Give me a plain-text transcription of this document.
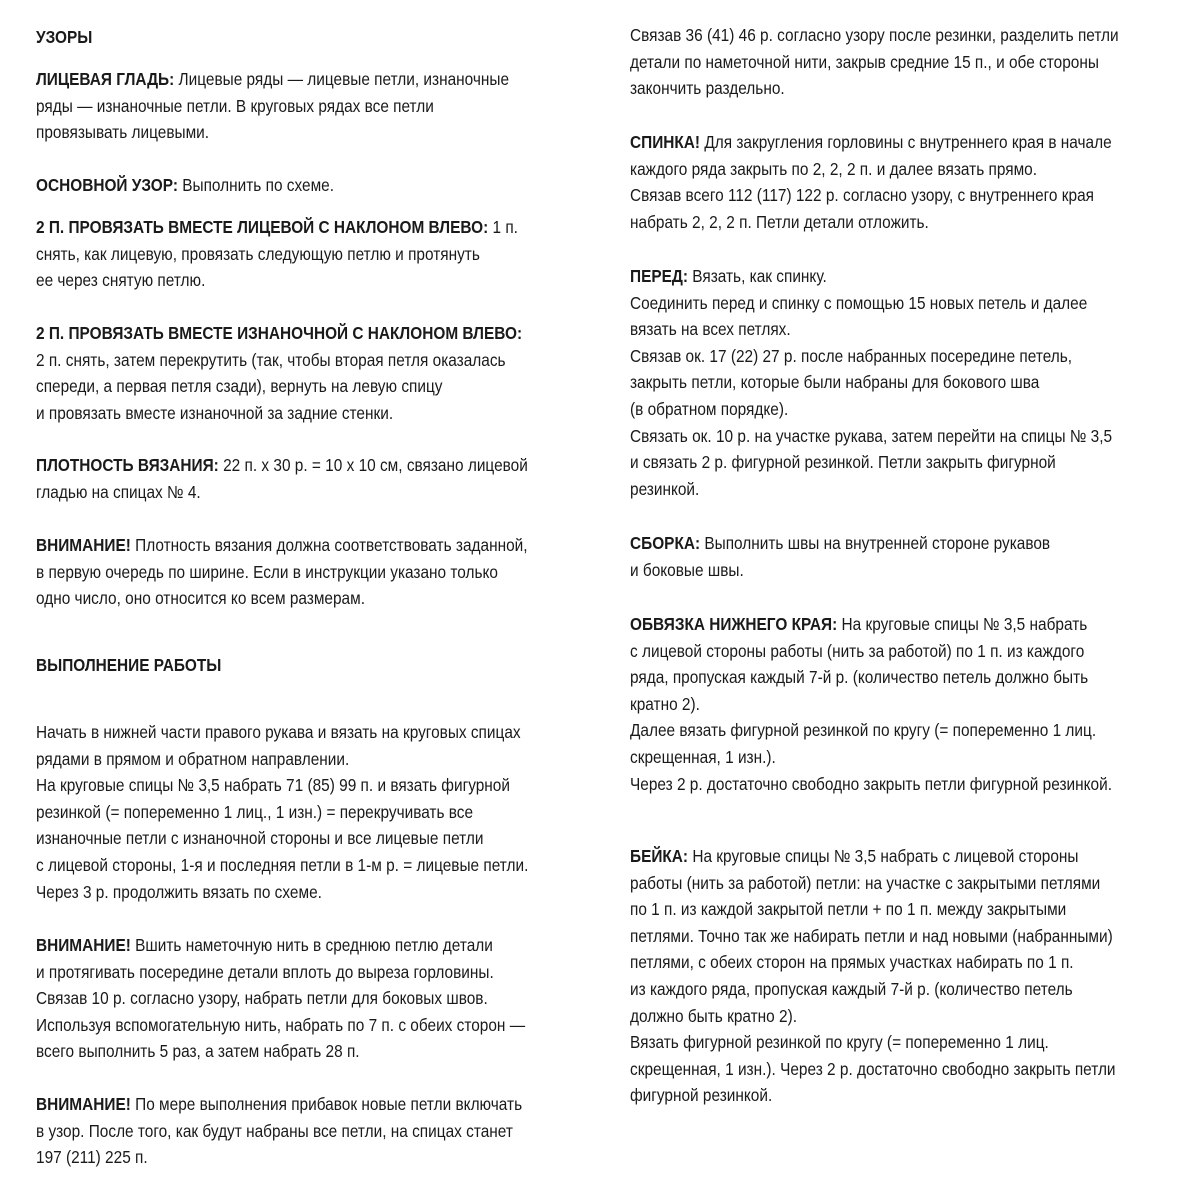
УЗОРЫ

ЛИЦЕВАЯ ГЛАДЬ: Лицевые ряды — лицевые петли, изнаночные
ряды — изнаночные петли. В круговых рядах все петли
провязывать лицевыми.

ОСНОВНОЙ УЗОР: Выполнить по схеме.

2 П. ПРОВЯЗАТЬ ВМЕСТЕ ЛИЦЕВОЙ С НАКЛОНОМ ВЛЕВО: 1 п.
снять, как лицевую, провязать следующую петлю и протянуть
ее через снятую петлю.

2 П. ПРОВЯЗАТЬ ВМЕСТЕ ИЗНАНОЧНОЙ С НАКЛОНОМ ВЛЕВО:
2 п. снять, затем перекрутить (так, чтобы вторая петля оказалась
спереди, а первая петля сзади), вернуть на левую спицу
и провязать вместе изнаночной за задние стенки.

ПЛОТНОСТЬ ВЯЗАНИЯ: 22 п. х 30 р. = 10 х 10 см, связано лицевой
гладью на спицах № 4.

ВНИМАНИЕ! Плотность вязания должна соответствовать заданной,
в первую очередь по ширине. Если в инструкции указано только
одно число, оно относится ко всем размерам.

ВЫПОЛНЕНИЕ РАБОТЫ

Начать в нижней части правого рукава и вязать на круговых спицах
рядами в прямом и обратном направлении.
На круговые спицы № 3,5 набрать 71 (85) 99 п. и вязать фигурной
резинкой (= попеременно 1 лиц., 1 изн.) = перекручивать все
изнаночные петли с изнаночной стороны и все лицевые петли
с лицевой стороны, 1-я и последняя петли в 1-м р. = лицевые петли.
Через 3 р. продолжить вязать по схеме.

ВНИМАНИЕ! Вшить наметочную нить в среднюю петлю детали
и протягивать посередине детали вплоть до выреза горловины.
Связав 10 р. согласно узору, набрать петли для боковых швов.
Используя вспомогательную нить, набрать по 7 п. с обеих сторон —
всего выполнить 5 раз, а затем набрать 28 п.

ВНИМАНИЕ! По мере выполнения прибавок новые петли включать
в узор. После того, как будут набраны все петли, на спицах станет
197 (211) 225 п.

Связав 36 (41) 46 р. согласно узору после резинки, разделить петли
детали по наметочной нити, закрыв средние 15 п., и обе стороны
закончить раздельно.

СПИНКА! Для закругления горловины с внутреннего края в начале
каждого ряда закрыть по 2, 2, 2 п. и далее вязать прямо.
Связав всего 112 (117) 122 р. согласно узору, с внутреннего края
набрать 2, 2, 2 п. Петли детали отложить.

ПЕРЕД: Вязать, как спинку.
Соединить перед и спинку с помощью 15 новых петель и далее
вязать на всех петлях.
Связав ок. 17 (22) 27 р. после набранных посередине петель,
закрыть петли, которые были набраны для бокового шва
(в обратном порядке).
Связать ок. 10 р. на участке рукава, затем перейти на спицы № 3,5
и связать 2 р. фигурной резинкой. Петли закрыть фигурной
резинкой.

СБОРКА: Выполнить швы на внутренней стороне рукавов
и боковые швы.

ОБВЯЗКА НИЖНЕГО КРАЯ: На круговые спицы № 3,5 набрать
с лицевой стороны работы (нить за работой) по 1 п. из каждого
ряда, пропуская каждый 7-й р. (количество петель должно быть
кратно 2).
Далее вязать фигурной резинкой по кругу (= попеременно 1 лиц.
скрещенная, 1 изн.).
Через 2 р. достаточно свободно закрыть петли фигурной резинкой.

БЕЙКА: На круговые спицы № 3,5 набрать с лицевой стороны
работы (нить за работой) петли: на участке с закрытыми петлями
по 1 п. из каждой закрытой петли + по 1 п. между закрытыми
петлями. Точно так же набирать петли и над новыми (набранными)
петлями, с обеих сторон на прямых участках набирать по 1 п.
из каждого ряда, пропуская каждый 7-й р. (количество петель
должно быть кратно 2).
Вязать фигурной резинкой по кругу (= попеременно 1 лиц.
скрещенная, 1 изн.). Через 2 р. достаточно свободно закрыть петли
фигурной резинкой.
